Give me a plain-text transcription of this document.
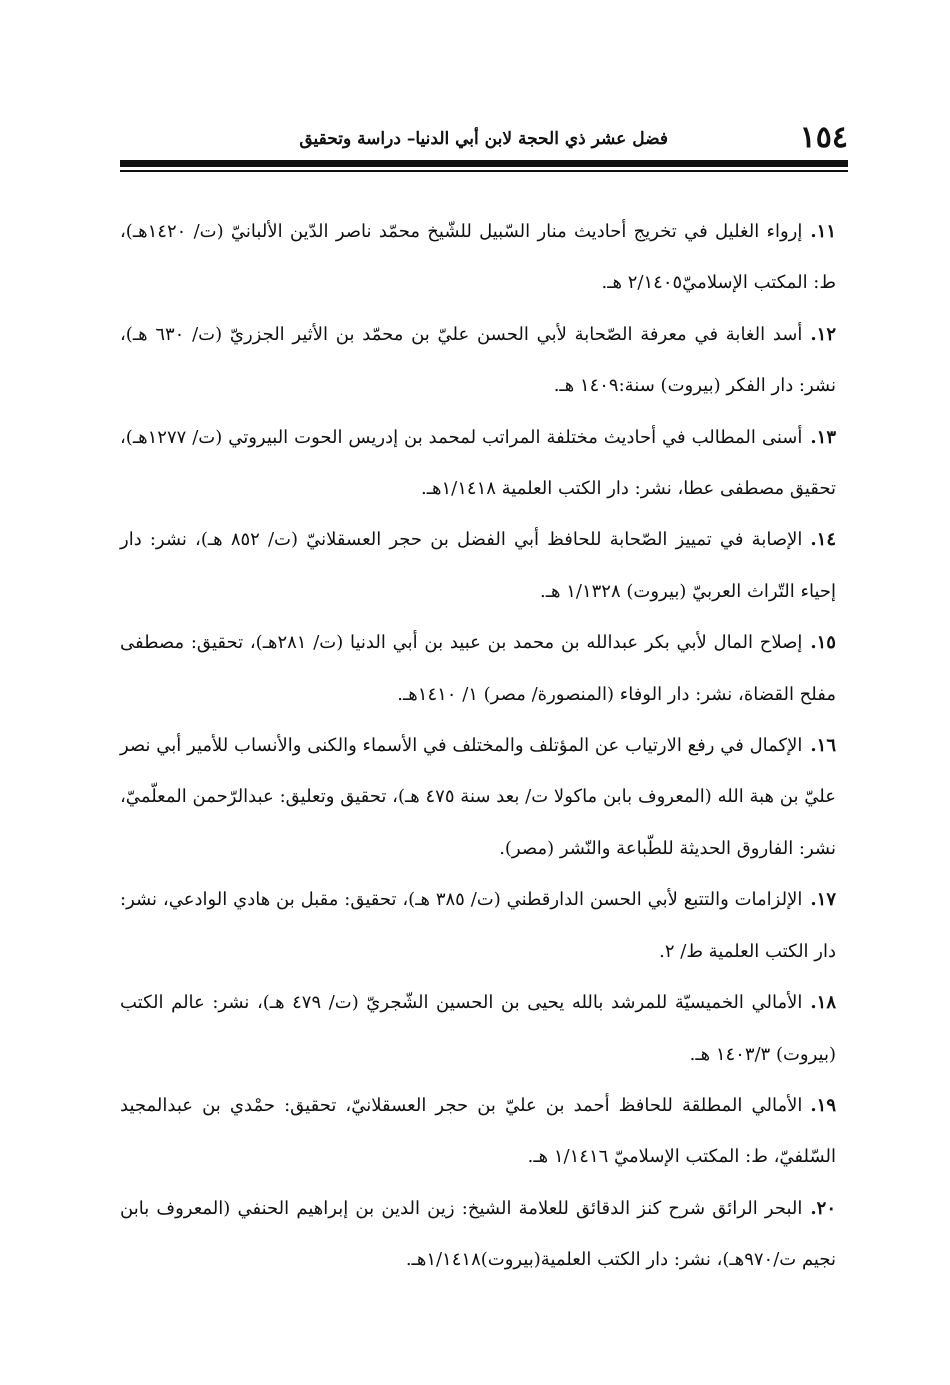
١٥٤
فضل عشر ذي الحجة لابن أبي الدنيا– دراسة وتحقيق

١١.إرواء الغليل في تخريج أحاديث منار السّبيل للشّيخ محمّد ناصر الدّين الألبانيّ (ت/ ١٤٢٠هـ)، ط: المكتب الإسلاميّ٢/١٤٠٥ هـ.

١٢.أسد الغابة في معرفة الصّحابة لأبي الحسن عليّ بن محمّد بن الأثير الجزريّ (ت/ ٦٣٠ هـ)، نشر: دار الفكر (بيروت) سنة:١٤٠٩ هـ.

١٣.أسنى المطالب في أحاديث مختلفة المراتب لمحمد بن إدريس الحوت البيروتي (ت/ ١٢٧٧هـ)، تحقيق مصطفى عطا، نشر: دار الكتب العلمية ١/١٤١٨هـ.

١٤.الإصابة في تمييز الصّحابة للحافظ أبي الفضل بن حجر العسقلانيّ (ت/ ٨٥٢ هـ)، نشر: دار إحياء التّراث العربيّ (بيروت) ١/١٣٢٨ هـ.

١٥.إصلاح المال لأبي بكر عبدالله بن محمد بن عبيد بن أبي الدنيا (ت/ ٢٨١هـ)، تحقيق: مصطفى مفلح القضاة، نشر: دار الوفاء (المنصورة/ مصر) ١/ ١٤١٠هـ.

١٦.الإكمال في رفع الارتياب عن المؤتلف والمختلف في الأسماء والكنى والأنساب للأمير أبي نصر عليّ بن هبة الله (المعروف بابن ماكولا ت/ بعد سنة ٤٧٥ هـ)، تحقيق وتعليق: عبدالرّحمن المعلّميّ، نشر: الفاروق الحديثة للطّباعة والنّشر (مصر).

١٧.الإلزامات والتتبع لأبي الحسن الدارقطني (ت/ ٣٨٥ هـ)، تحقيق: مقبل بن هادي الوادعي، نشر: دار الكتب العلمية ط/ ٢.

١٨.الأمالي الخميسيّة للمرشد بالله يحيى بن الحسين الشّجريّ (ت/ ٤٧٩ هـ)، نشر: عالم الكتب (بيروت) ١٤٠٣/٣ هـ.

١٩.الأمالي المطلقة للحافظ أحمد بن عليّ بن حجر العسقلانيّ، تحقيق: حمْدي بن عبدالمجيد السّلفيّ، ط: المكتب الإسلاميّ ١/١٤١٦ هـ.

٢٠.البحر الرائق شرح كنز الدقائق للعلامة الشيخ: زين الدين بن إبراهيم الحنفي (المعروف بابن نجيم ت/٩٧٠هـ)، نشر: دار الكتب العلمية(بيروت)١/١٤١٨هـ.
